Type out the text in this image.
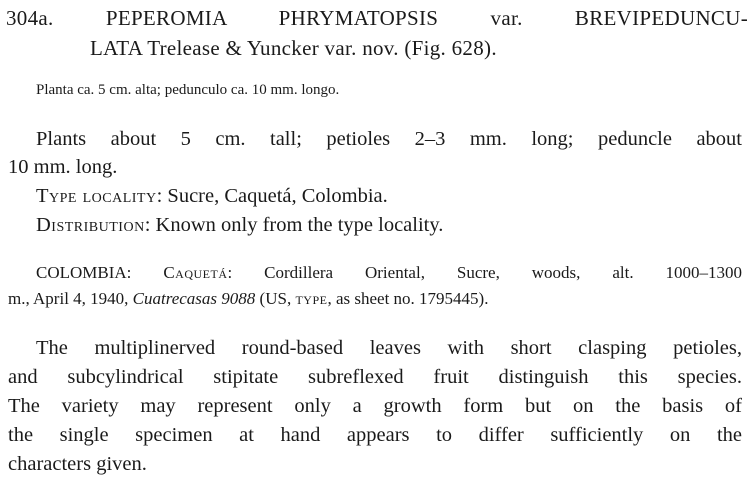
304a. PEPEROMIA PHRYMATOPSIS var. BREVIPEDUNCU-
LATA Trelease & Yuncker var. nov. (Fig. 628).
Planta ca. 5 cm. alta; pedunculo ca. 10 mm. longo.
Plants about 5 cm. tall; petioles 2–3 mm. long; peduncle about
10 mm. long.
Type locality: Sucre, Caquetá, Colombia.
Distribution: Known only from the type locality.
COLOMBIA: Caquetá: Cordillera Oriental, Sucre, woods, alt. 1000–1300
m., April 4, 1940, Cuatrecasas 9088 (US, type, as sheet no. 1795445).
The multiplinerved round-based leaves with short clasping petioles,
and subcylindrical stipitate subreflexed fruit distinguish this species.
The variety may represent only a growth form but on the basis of
the single specimen at hand appears to differ sufficiently on the
characters given.
